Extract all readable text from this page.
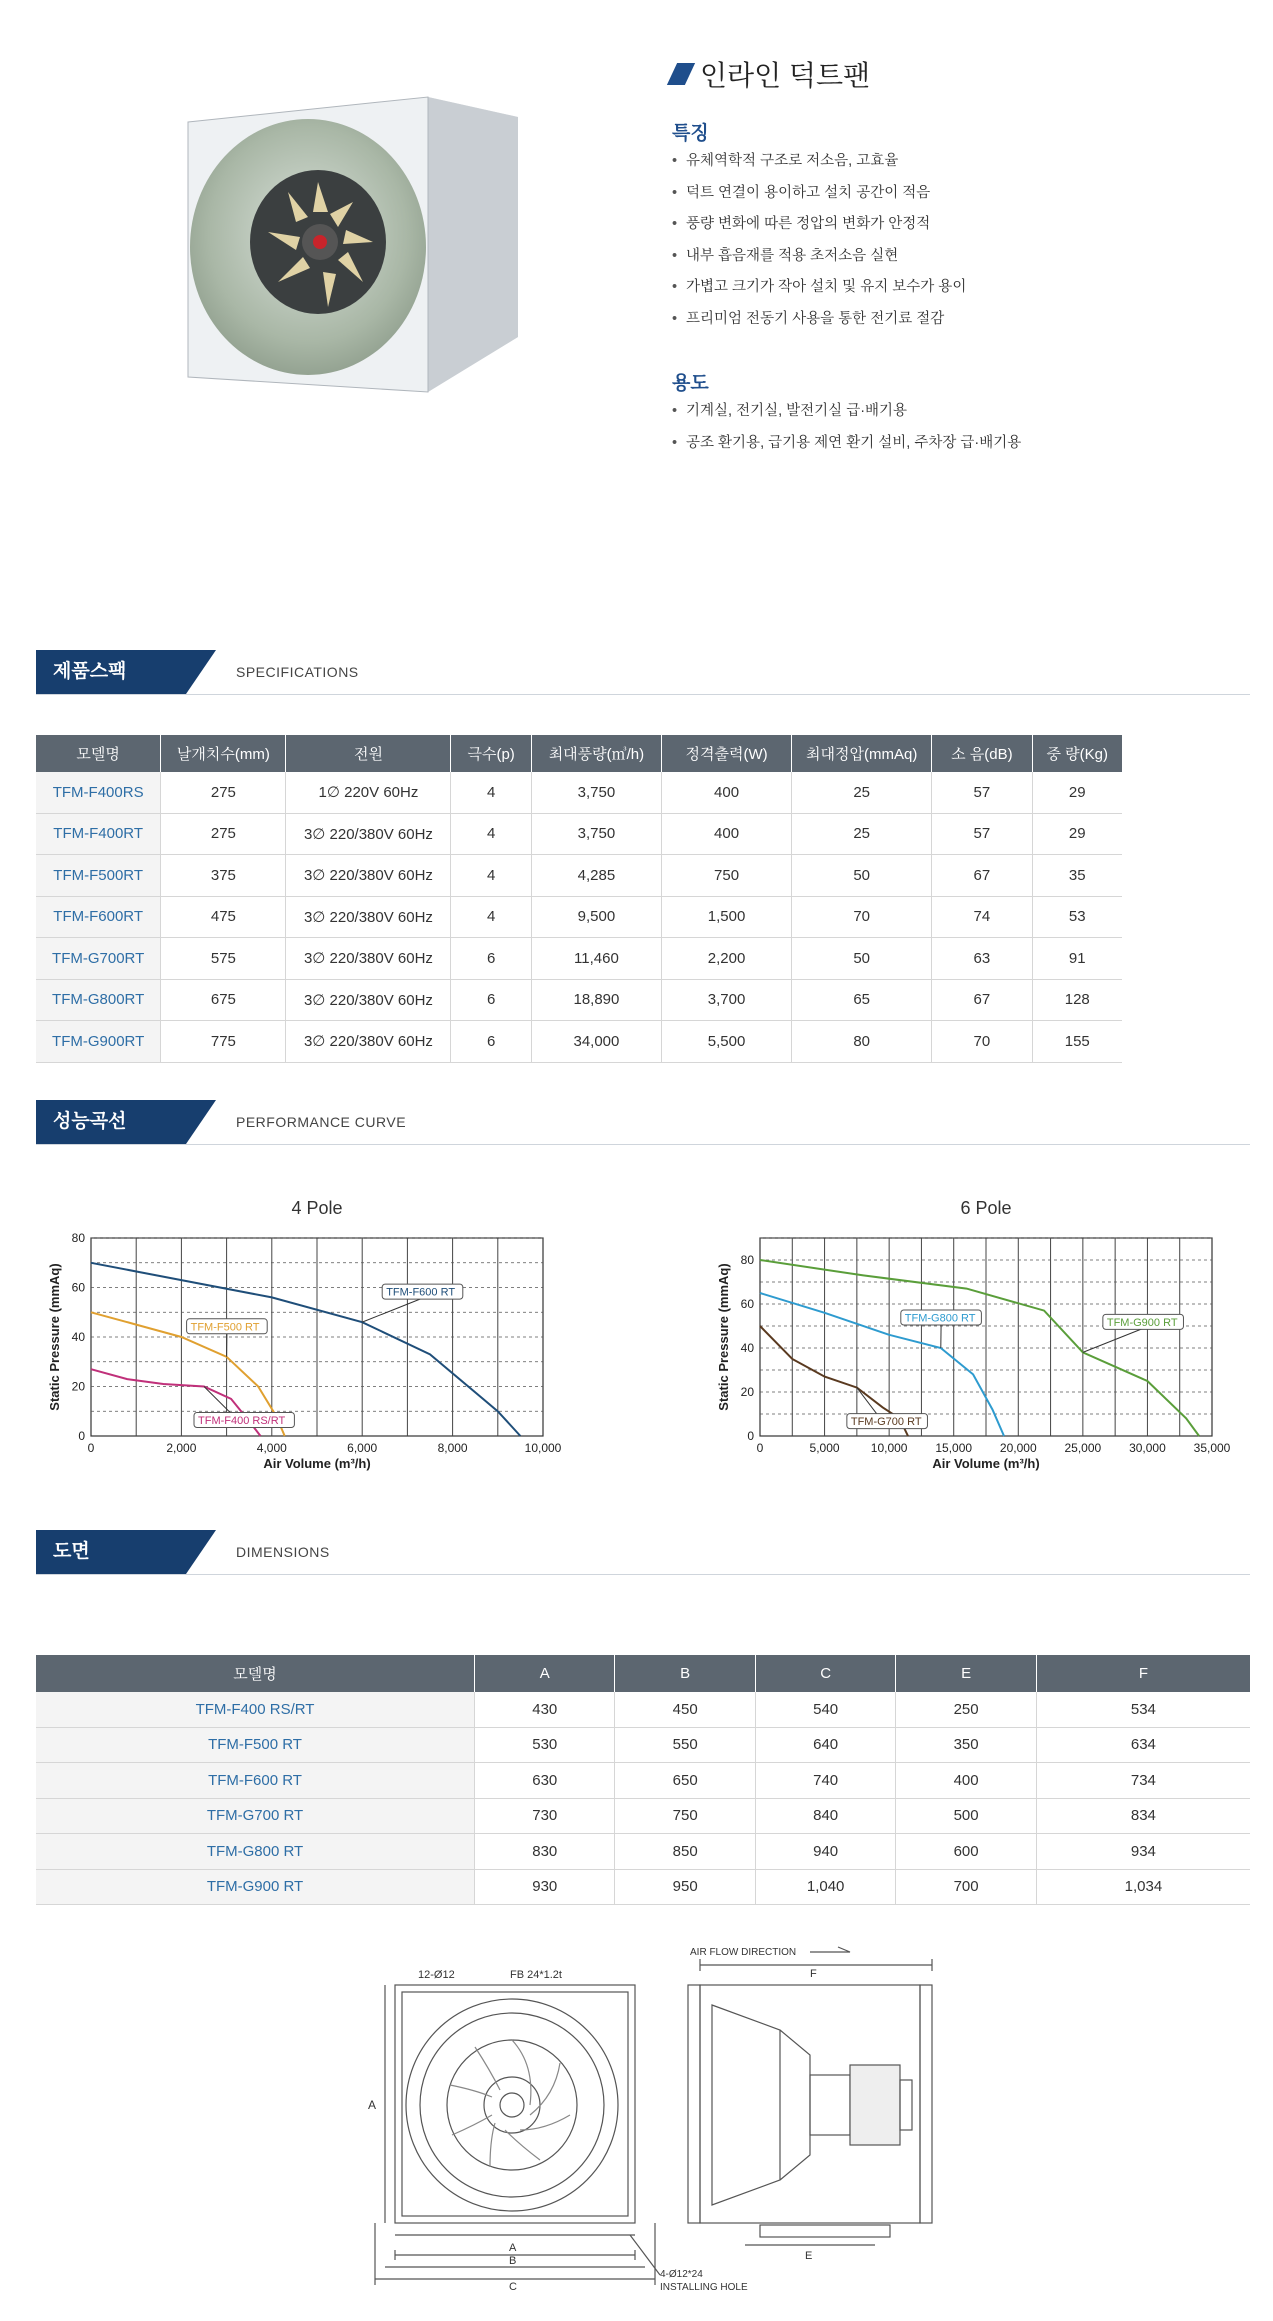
인라인 덕트팬
특징
• 유체역학적 구조로 저소음, 고효율
• 덕트 연결이 용이하고 설치 공간이 적음
• 풍량 변화에 따른 정압의 변화가 안정적
• 내부 흡음재를 적용 초저소음 실현
• 가볍고 크기가 작아 설치 및 유지 보수가 용이
• 프리미엄 전동기 사용을 통한 전기료 절감
용도
• 기계실, 전기실, 발전기실 급·배기용
• 공조 환기용, 급기용 제연 환기 설비, 주차장 급·배기용
제품스팩	SPECIFICATIONS
모델명	날개치수(mm)	전원	극수(p)	최대풍량(㎥/h)	정격출력(W)	최대정압(mmAq)	소 음(dB)	중 량(Kg)
TFM-F400RS	275	1∅ 220V 60Hz	4	3,750	400	25	57	29
TFM-F400RT	275	3∅ 220/380V 60Hz	4	3,750	400	25	57	29
TFM-F500RT	375	3∅ 220/380V 60Hz	4	4,285	750	50	67	35
TFM-F600RT	475	3∅ 220/380V 60Hz	4	9,500	1,500	70	74	53
TFM-G700RT	575	3∅ 220/380V 60Hz	6	11,460	2,200	50	63	91
TFM-G800RT	675	3∅ 220/380V 60Hz	6	18,890	3,700	65	67	128
TFM-G900RT	775	3∅ 220/380V 60Hz	6	34,000	5,500	80	70	155
성능곡선	PERFORMANCE CURVE
4 Pole
0	2,000	4,000	6,000	8,000	10,000
0
20
40
60
80
Air Volume (m³/h)
Static Pressure (mmAq)	TFM-F600 RT
TFM-F500 RT
TFM-F400 RS/RT
6 Pole
0	5,000	10,000 15,000 20,000 25,000 30,000 35,000
0
20
40
60
80
Air Volume (m³/h)
Static Pressure (mmAq)	TFM-G900 RT
TFM-G800 RT
TFM-G700 RT
도면	DIMENSIONS
모델명	A	B	C	E	F
TFM-F400 RS/RT	430	450	540	250	534
TFM-F500 RT	530	550	640	350	634
TFM-F600 RT	630	650	740	400	734
TFM-G700 RT	730	750	840	500	834
TFM-G800 RT	830	850	940	600	934
TFM-G900 RT	930	950	1,040	700	1,034
12-Ø12	FB 24*1.2t
AIR FLOW DIRECTION
A
A
B
C
E
F
4-Ø12*24
INSTALLING HOLE
